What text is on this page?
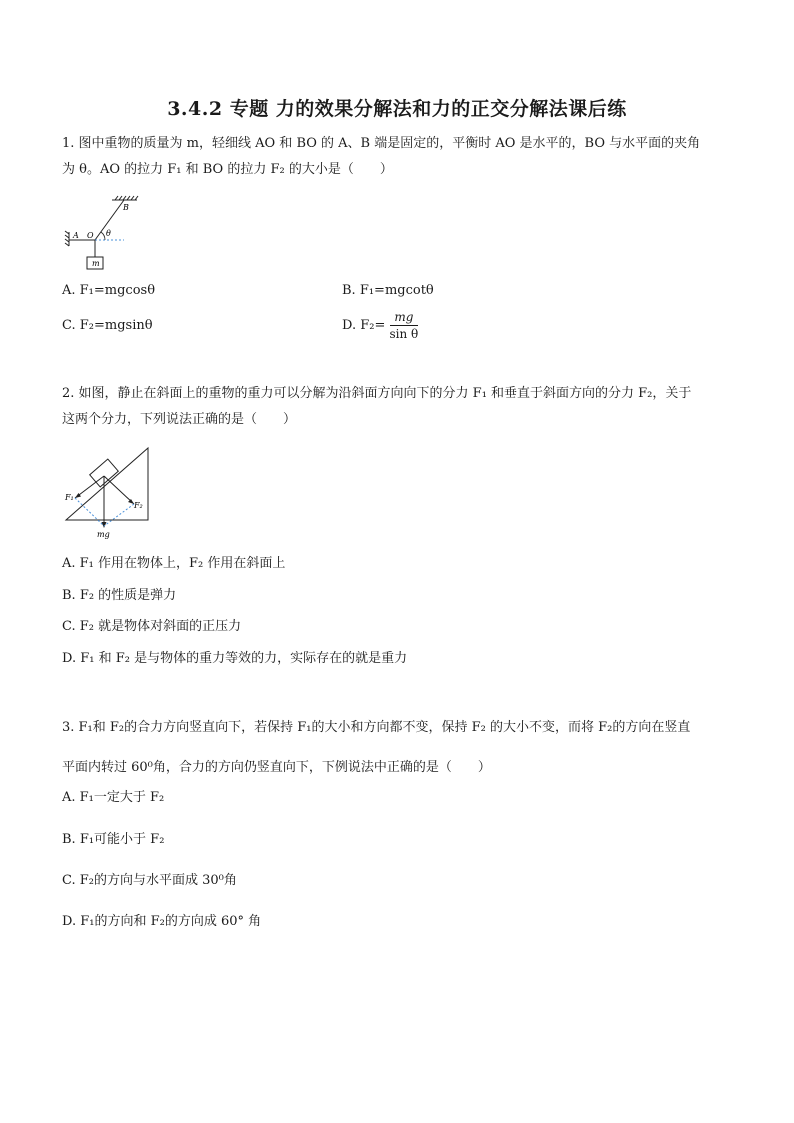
3.4.2 专题 力的效果分解法和力的正交分解法课后练
1. 图中重物的质量为 m，轻细线 AO 和 BO 的 A、B 端是固定的，平衡时 AO 是水平的，BO 与水平面的夹角
为 θ。AO 的拉力 F₁ 和 BO 的拉力 F₂ 的大小是（　　）
B
A O θ
m
A. F₁=mgcosθ	B. F₁=mgcotθ
C. F₂=mgsinθ	D. $F_2= \frac{mg}{\text{sin θ}}$
2. 如图，静止在斜面上的重物的重力可以分解为沿斜面方向向下的分力 F₁ 和垂直于斜面方向的分力 F₂，关于
这两个分力，下列说法正确的是（　　）
F₁
F₂
mg
A. F₁ 作用在物体上，F₂ 作用在斜面上
B. F₂ 的性质是弹力
C. F₂ 就是物体对斜面的正压力
D. F₁ 和 F₂ 是与物体的重力等效的力，实际存在的就是重力
3. F₁和 F₂的合力方向竖直向下，若保持 F₁的大小和方向都不变，保持 F₂ 的大小不变，而将 F₂的方向在竖直
平面内转过 60⁰角，合力的方向仍竖直向下，下例说法中正确的是（　　）
A. F₁一定大于 F₂
B. F₁可能小于 F₂
C. F₂的方向与水平面成 30⁰角
D. F₁的方向和 F₂的方向成 60° 角
